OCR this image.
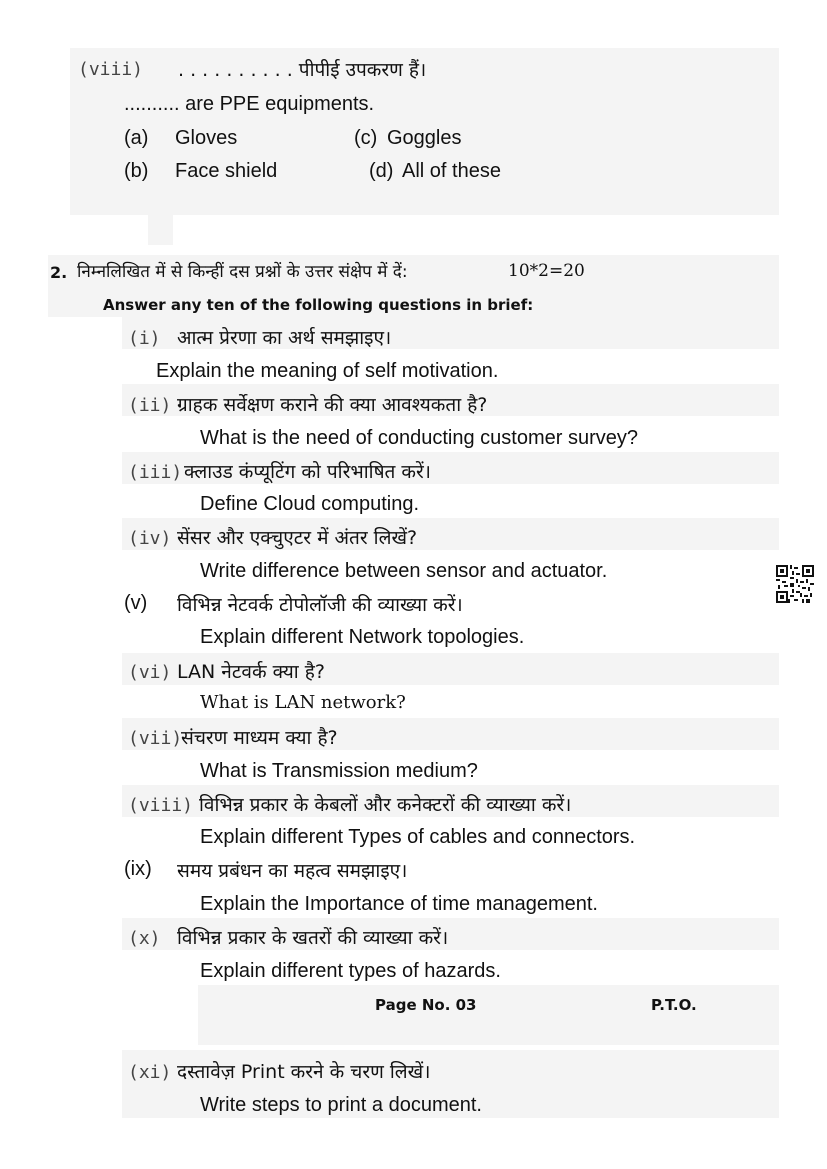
(viii) . . . . . . . . . . पीपीई उपकरण हैं।
.......... are PPE equipments.
(a) Gloves	(c) Goggles
(b) Face shield	(d) All of these
2. निम्नलिखित में से किन्हीं दस प्रश्नों के उत्तर संक्षेप में दें:	10*2=20
Answer any ten of the following questions in brief:
(i) आत्म प्रेरणा का अर्थ समझाइए।
Explain the meaning of self motivation.
(ii) ग्राहक सर्वेक्षण कराने की क्या आवश्यकता है?
What is the need of conducting customer survey?
(iii) क्लाउड कंप्यूटिंग को परिभाषित करें।
Define Cloud computing.
(iv) सेंसर और एक्चुएटर में अंतर लिखें?
Write difference between sensor and actuator.
(v) विभिन्न नेटवर्क टोपोलॉजी की व्याख्या करें।
Explain different Network topologies.
(vi) LAN नेटवर्क क्या है?
What is LAN network?
(vii)
संचरण माध्यम क्या है?
What is Transmission medium?
(viii) विभिन्न प्रकार के केबलों और कनेक्टरों की व्याख्या करें।
Explain different Types of cables and connectors.
(ix) समय प्रबंधन का महत्व समझाइए।
Explain the Importance of time management.
(x) विभिन्न प्रकार के खतरों की व्याख्या करें।
Explain different types of hazards.
Page No. 03	P.T.O.
(xi) दस्तावेज़ Print करने के चरण लिखें।
Write steps to print a document.
